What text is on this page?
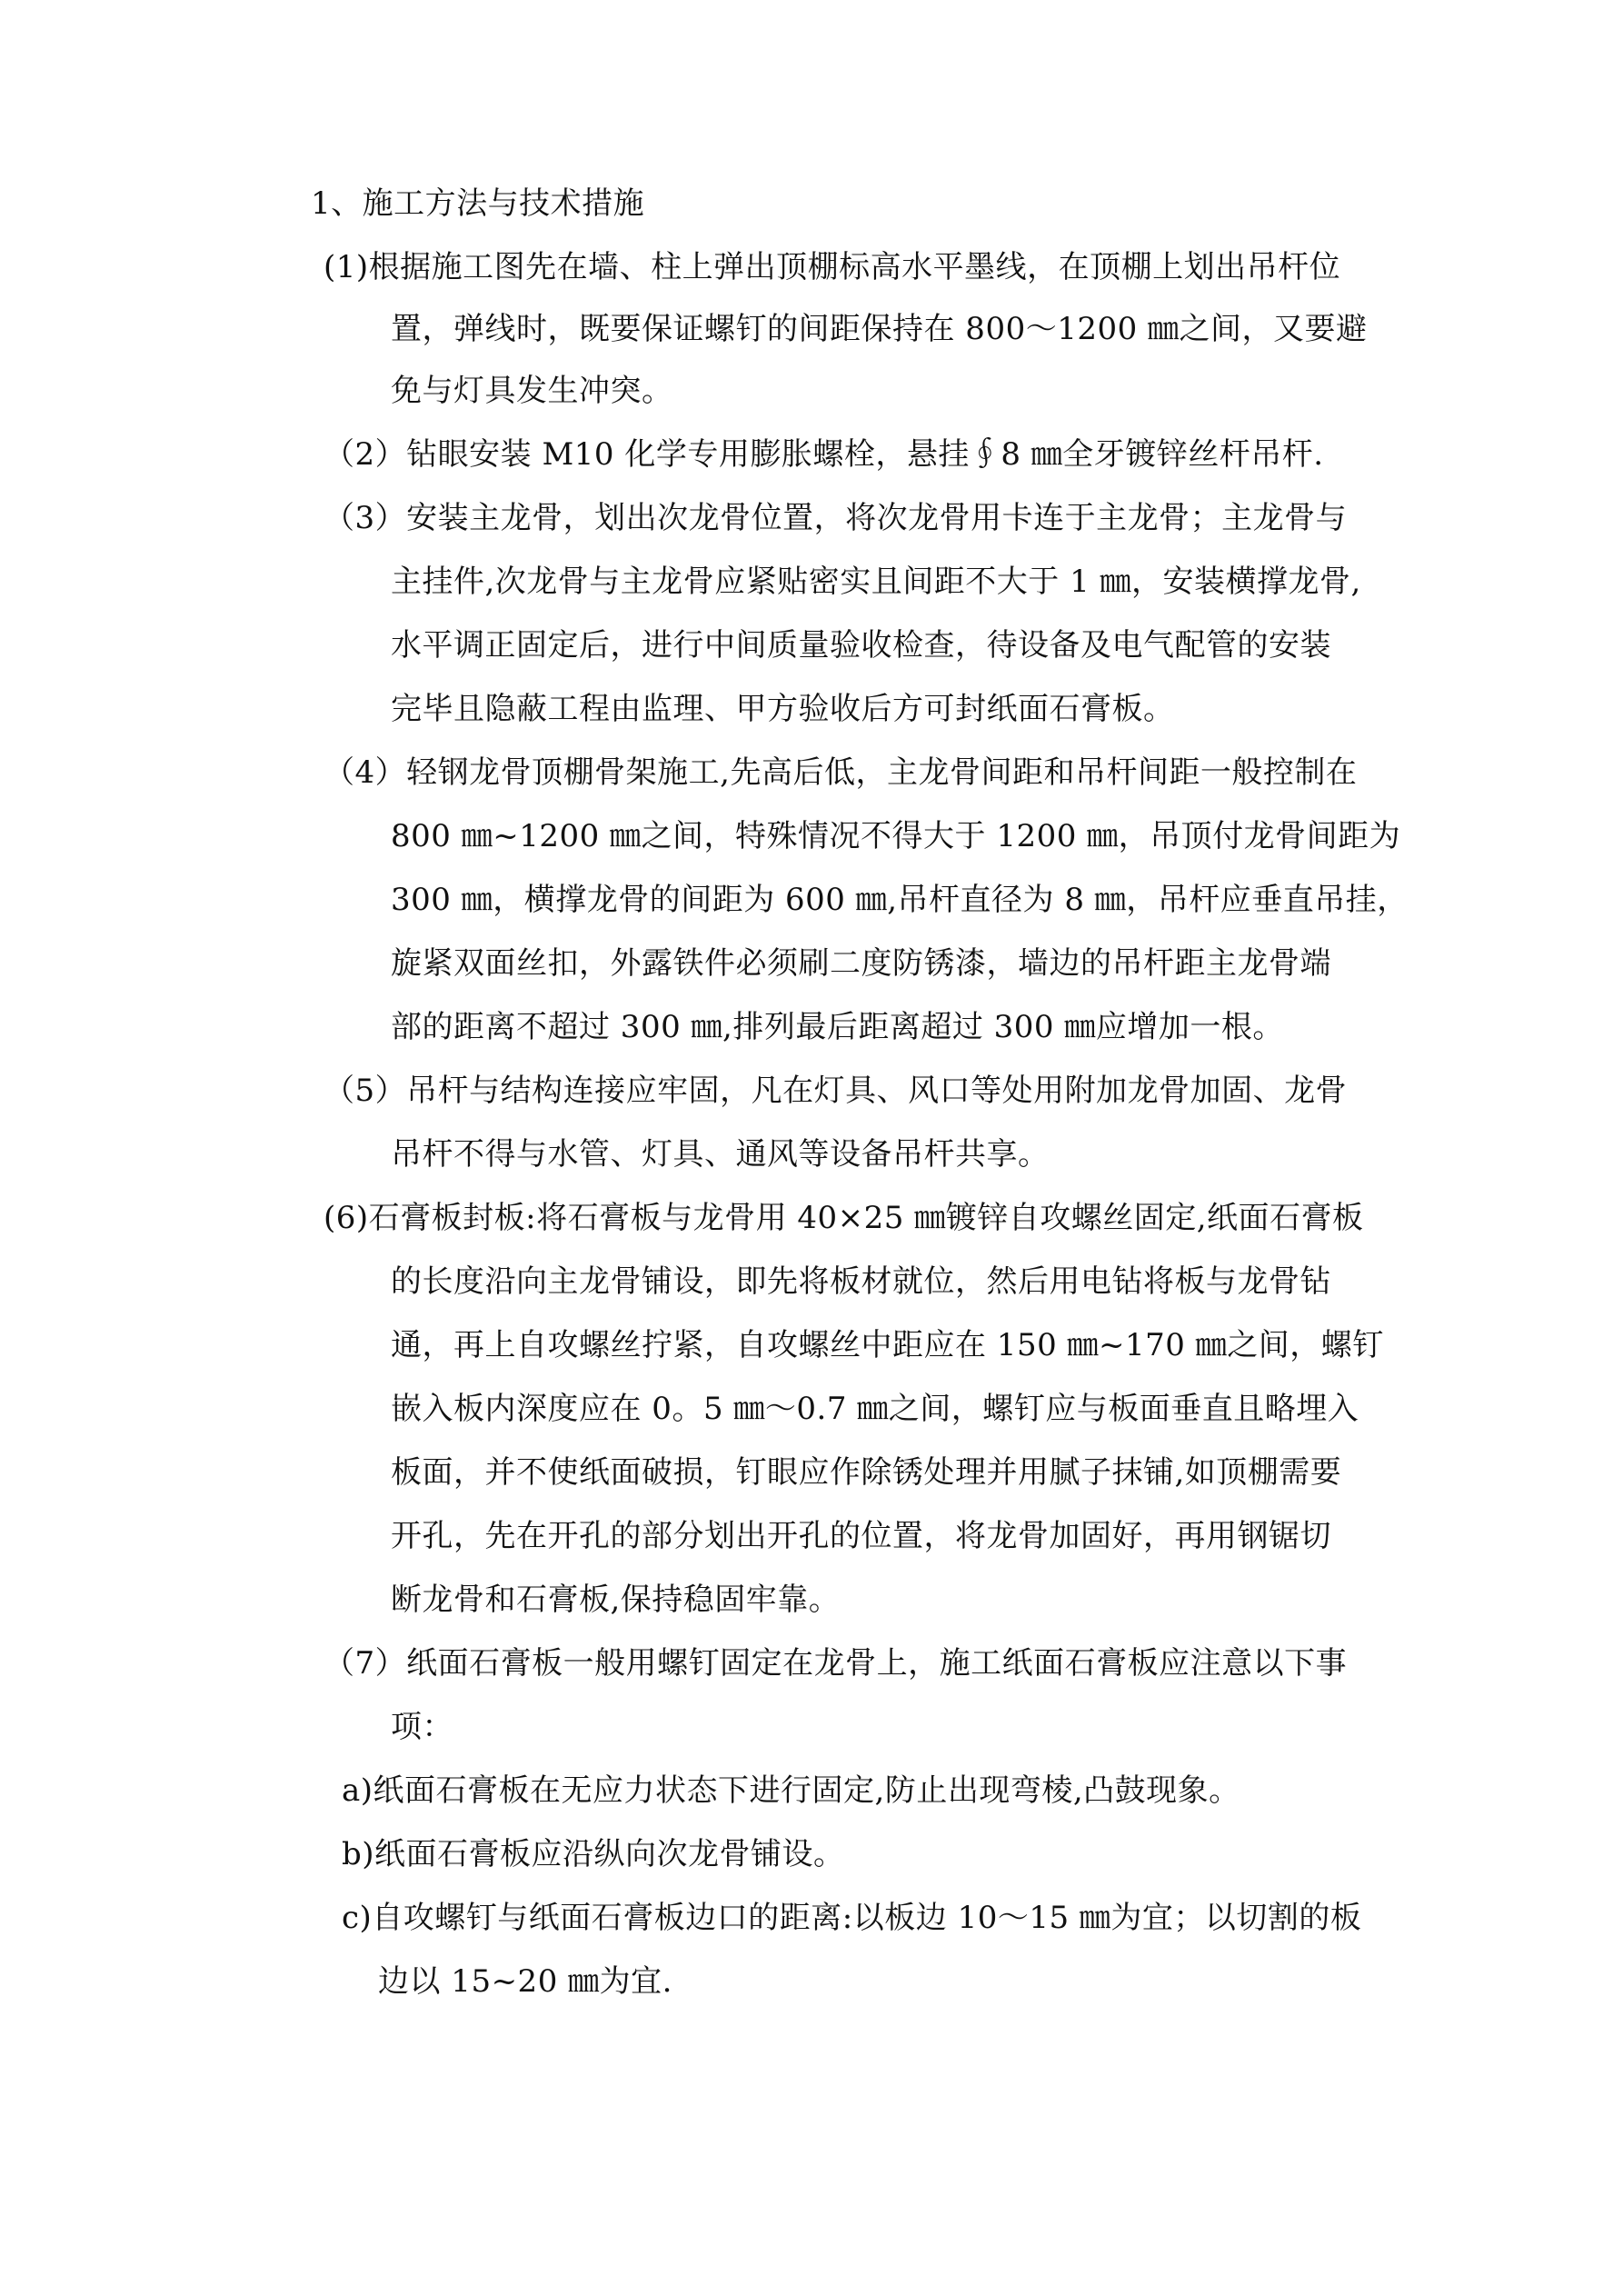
1、施工方法与技术措施
(1)根据施工图先在墙、柱上弹出顶棚标高水平墨线，在顶棚上划出吊杆位
置，弹线时，既要保证螺钉的间距保持在 800～1200 ㎜之间，又要避
免与灯具发生冲突。
（2）钻眼安装 M10 化学专用膨胀螺栓，悬挂∮8 ㎜全牙镀锌丝杆吊杆.
（3）安装主龙骨，划出次龙骨位置，将次龙骨用卡连于主龙骨；主龙骨与
主挂件,次龙骨与主龙骨应紧贴密实且间距不大于 1 ㎜，安装横撑龙骨,
水平调正固定后，进行中间质量验收检查，待设备及电气配管的安装
完毕且隐蔽工程由监理、甲方验收后方可封纸面石膏板。
（4）轻钢龙骨顶棚骨架施工,先高后低，主龙骨间距和吊杆间距一般控制在
800 ㎜~1200 ㎜之间，特殊情况不得大于 1200 ㎜，吊顶付龙骨间距为
300 ㎜，横撑龙骨的间距为 600 ㎜,吊杆直径为 8 ㎜，吊杆应垂直吊挂，
旋紧双面丝扣，外露铁件必须刷二度防锈漆，墙边的吊杆距主龙骨端
部的距离不超过 300 ㎜,排列最后距离超过 300 ㎜应增加一根。
（5）吊杆与结构连接应牢固，凡在灯具、风口等处用附加龙骨加固、龙骨
吊杆不得与水管、灯具、通风等设备吊杆共享。
(6)石膏板封板:将石膏板与龙骨用 40×25 ㎜镀锌自攻螺丝固定,纸面石膏板
的长度沿向主龙骨铺设，即先将板材就位，然后用电钻将板与龙骨钻
通，再上自攻螺丝拧紧，自攻螺丝中距应在 150 ㎜~170 ㎜之间，螺钉
嵌入板内深度应在 0。5 ㎜～0.7 ㎜之间，螺钉应与板面垂直且略埋入
板面，并不使纸面破损，钉眼应作除锈处理并用腻子抹铺,如顶棚需要
开孔，先在开孔的部分划出开孔的位置，将龙骨加固好，再用钢锯切
断龙骨和石膏板,保持稳固牢靠。
（7）纸面石膏板一般用螺钉固定在龙骨上，施工纸面石膏板应注意以下事
项：
a)纸面石膏板在无应力状态下进行固定,防止出现弯棱,凸鼓现象。
b)纸面石膏板应沿纵向次龙骨铺设。
c)自攻螺钉与纸面石膏板边口的距离:以板边 10～15 ㎜为宜；以切割的板
边以 15~20 ㎜为宜.
